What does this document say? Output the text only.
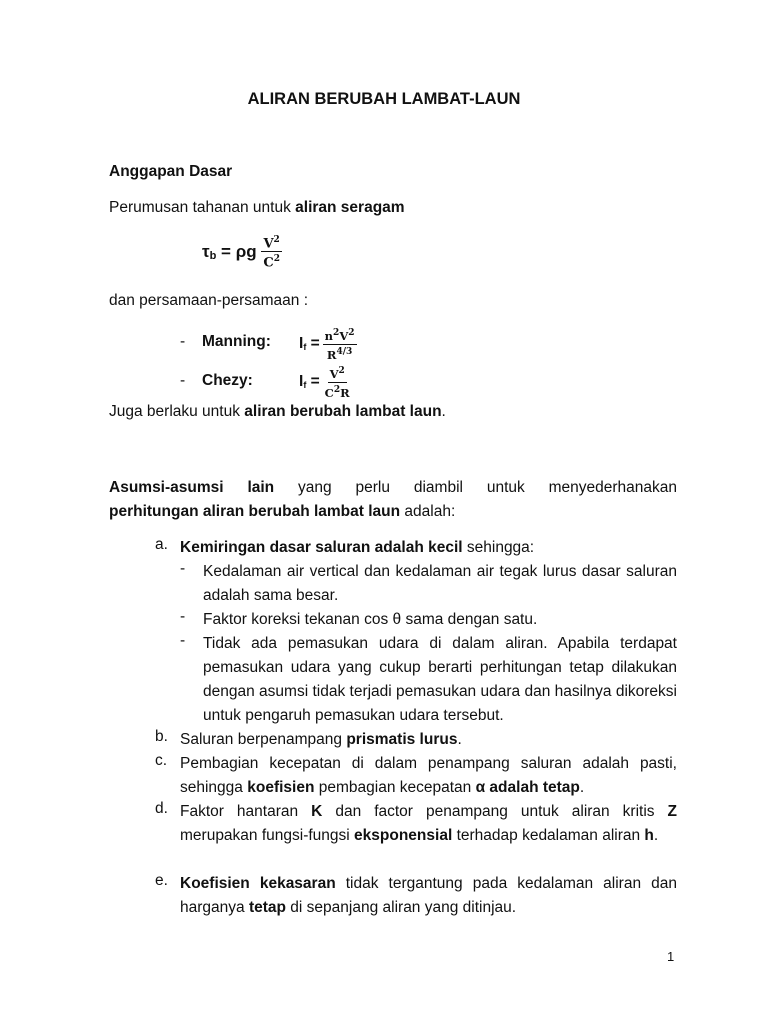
ALIRAN BERUBAH LAMBAT-LAUN
Anggapan Dasar
Perumusan tahanan untuk aliran seragam
$\tau_b = \rho g \frac{V^2}{C^2}$
dan persamaan-persamaan :
- Manning: I $f = \frac{n^2V^2}{R^{4/3}}$
- Chezy:	I $f = \frac{V^2}{C^2R}$
Juga berlaku untuk aliran berubah lambat laun.
Asumsi-asumsi lain yang perlu diambil untuk menyederhanakan
perhitungan aliran berubah lambat laun adalah:
a. Kemiringan dasar saluran adalah kecil sehingga:
- Kedalaman air vertical dan kedalaman air tegak lurus dasar saluran adalah sama besar.
- Faktor koreksi tekanan cos θ sama dengan satu.
- Tidak ada pemasukan udara di dalam aliran. Apabila terdapat pemasukan udara yang cukup berarti perhitungan tetap dilakukan dengan asumsi tidak terjadi pemasukan udara dan hasilnya dikoreksi untuk pengaruh pemasukan udara tersebut.
b. Saluran berpenampang prismatis lurus.
c. Pembagian kecepatan di dalam penampang saluran adalah pasti, sehingga koefisien pembagian kecepatan α adalah tetap.
d. Faktor hantaran K dan factor penampang untuk aliran kritis Z merupakan fungsi-fungsi eksponensial terhadap kedalaman aliran h.
e. Koefisien kekasaran tidak tergantung pada kedalaman aliran dan harganya tetap di sepanjang aliran yang ditinjau.
1
